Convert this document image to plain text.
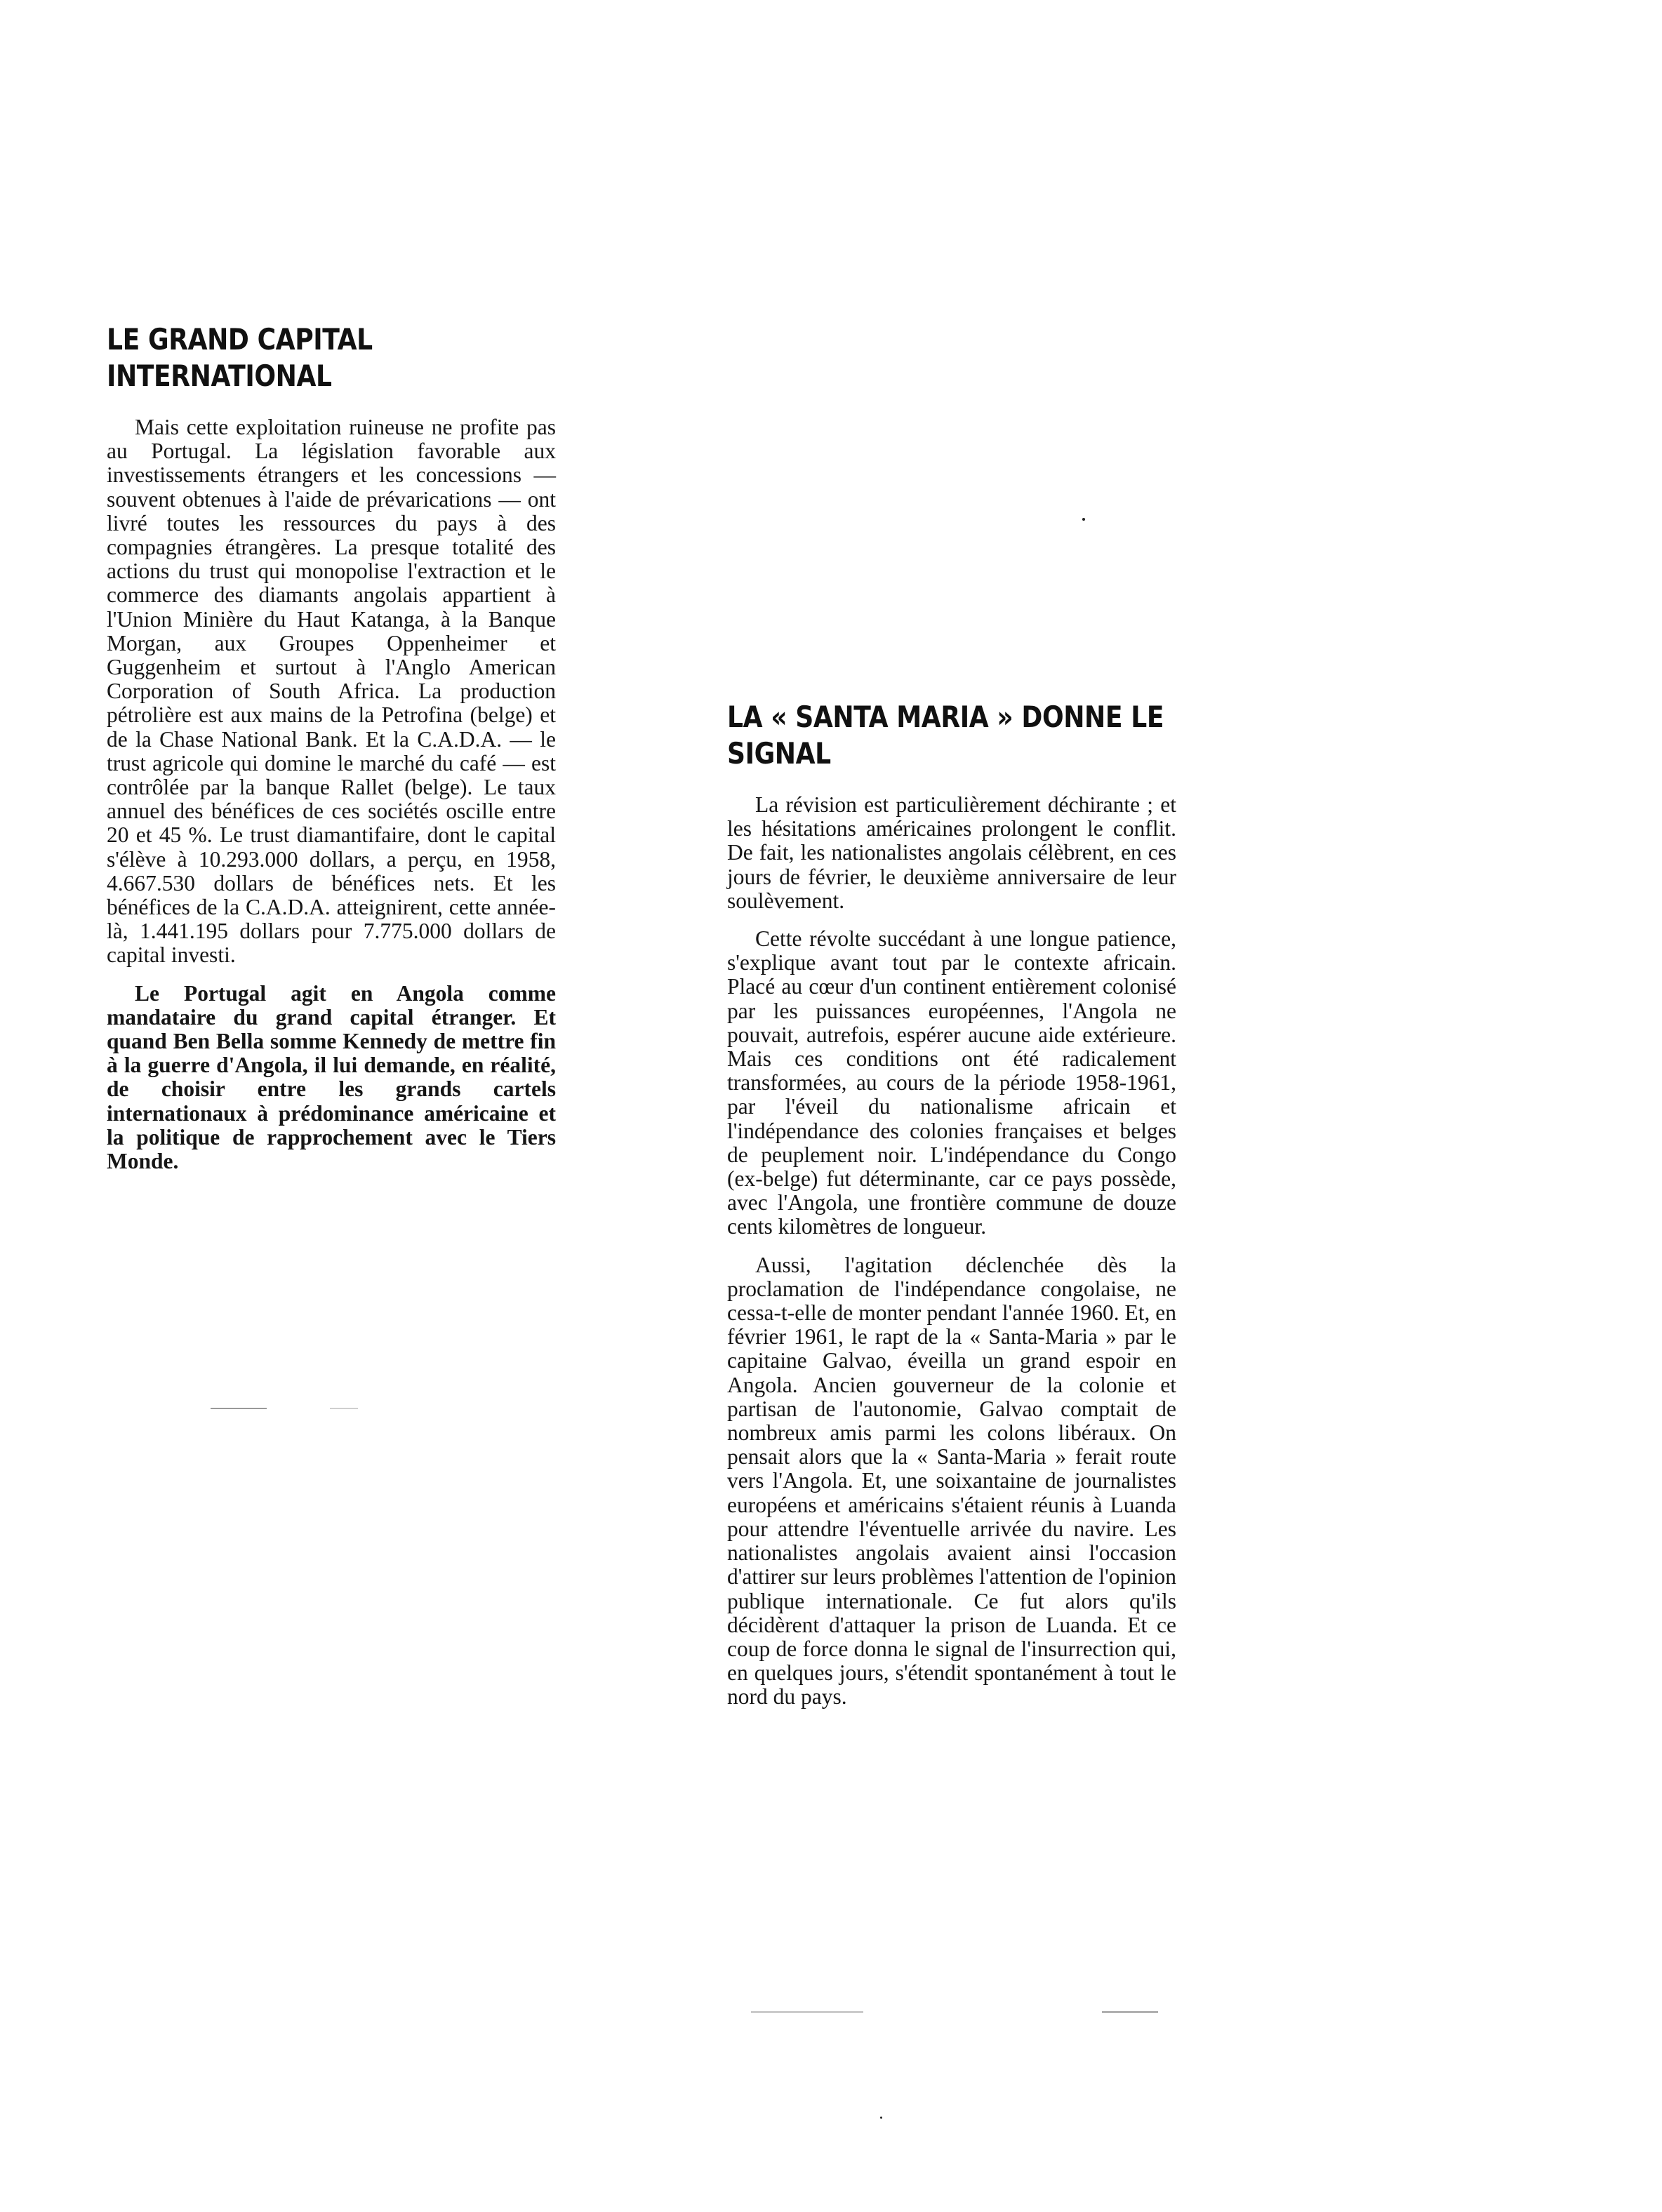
LE GRAND CAPITAL INTERNATIONAL

Mais cette exploitation ruineuse ne profite pas au Portugal. La législation favorable aux investissements étrangers et les concessions — souvent obtenues à l'aide de prévarications — ont livré toutes les ressources du pays à des compagnies étrangères. La presque totalité des actions du trust qui monopolise l'extraction et le commerce des diamants angolais appartient à l'Union Minière du Haut Katanga, à la Banque Morgan, aux Groupes Oppenheimer et Guggenheim et surtout à l'Anglo American Corporation of South Africa. La production pétrolière est aux mains de la Petrofina (belge) et de la Chase National Bank. Et la C.A.D.A. — le trust agricole qui domine le marché du café — est contrôlée par la banque Rallet (belge). Le taux annuel des bénéfices de ces sociétés oscille entre 20 et 45 %. Le trust diamantifaire, dont le capital s'élève à 10.293.000 dollars, a perçu, en 1958, 4.667.530 dollars de bénéfices nets. Et les bénéfices de la C.A.D.A. atteignirent, cette année-là, 1.441.195 dollars pour 7.775.000 dollars de capital investi.

Le Portugal agit en Angola comme mandataire du grand capital étranger. Et quand Ben Bella somme Kennedy de mettre fin à la guerre d'Angola, il lui demande, en réalité, de choisir entre les grands cartels internationaux à prédominance américaine et la politique de rapprochement avec le Tiers Monde.

LA « SANTA MARIA » DONNE LE SIGNAL

La révision est particulièrement déchirante ; et les hésitations américaines prolongent le conflit. De fait, les nationalistes angolais célèbrent, en ces jours de février, le deuxième anniversaire de leur soulèvement.

Cette révolte succédant à une longue patience, s'explique avant tout par le contexte africain. Placé au cœur d'un continent entièrement colonisé par les puissances européennes, l'Angola ne pouvait, autrefois, espérer aucune aide extérieure. Mais ces conditions ont été radicalement transformées, au cours de la période 1958-1961, par l'éveil du nationalisme africain et l'indépendance des colonies françaises et belges de peuplement noir. L'indépendance du Congo (ex-belge) fut déterminante, car ce pays possède, avec l'Angola, une frontière commune de douze cents kilomètres de longueur.

Aussi, l'agitation déclenchée dès la proclamation de l'indépendance congolaise, ne cessa-t-elle de monter pendant l'année 1960. Et, en février 1961, le rapt de la « Santa-Maria » par le capitaine Galvao, éveilla un grand espoir en Angola. Ancien gouverneur de la colonie et partisan de l'autonomie, Galvao comptait de nombreux amis parmi les colons libéraux. On pensait alors que la « Santa-Maria » ferait route vers l'Angola. Et, une soixantaine de journalistes européens et américains s'étaient réunis à Luanda pour attendre l'éventuelle arrivée du navire. Les nationalistes angolais avaient ainsi l'occasion d'attirer sur leurs problèmes l'attention de l'opinion publique internationale. Ce fut alors qu'ils décidèrent d'attaquer la prison de Luanda. Et ce coup de force donna le signal de l'insurrection qui, en quelques jours, s'étendit spontanément à tout le nord du pays.
